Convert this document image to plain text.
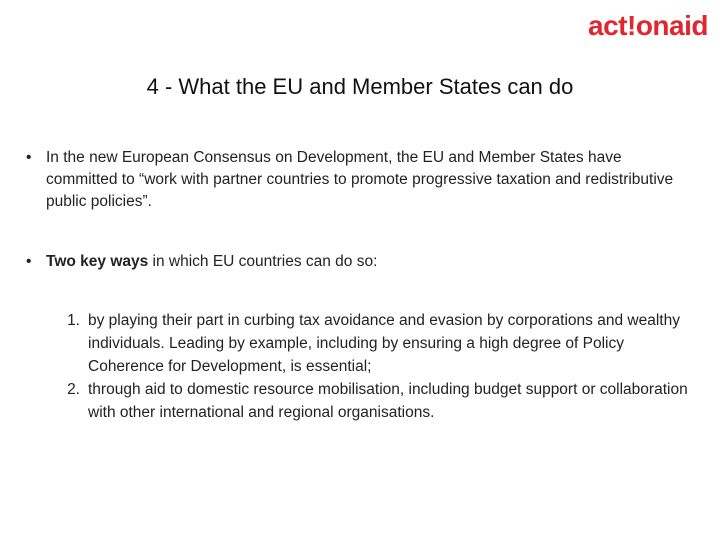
act!onaid
4 - What the EU and Member States can do
• In the new European Consensus on Development, the EU and Member States have committed to “work with partner countries to promote progressive taxation and redistributive public policies”.
• Two key ways in which EU countries can do so:
1. by playing their part in curbing tax avoidance and evasion by corporations and wealthy individuals. Leading by example, including by ensuring a high degree of Policy Coherence for Development, is essential;
2. through aid to domestic resource mobilisation, including budget support or collaboration with other international and regional organisations.
